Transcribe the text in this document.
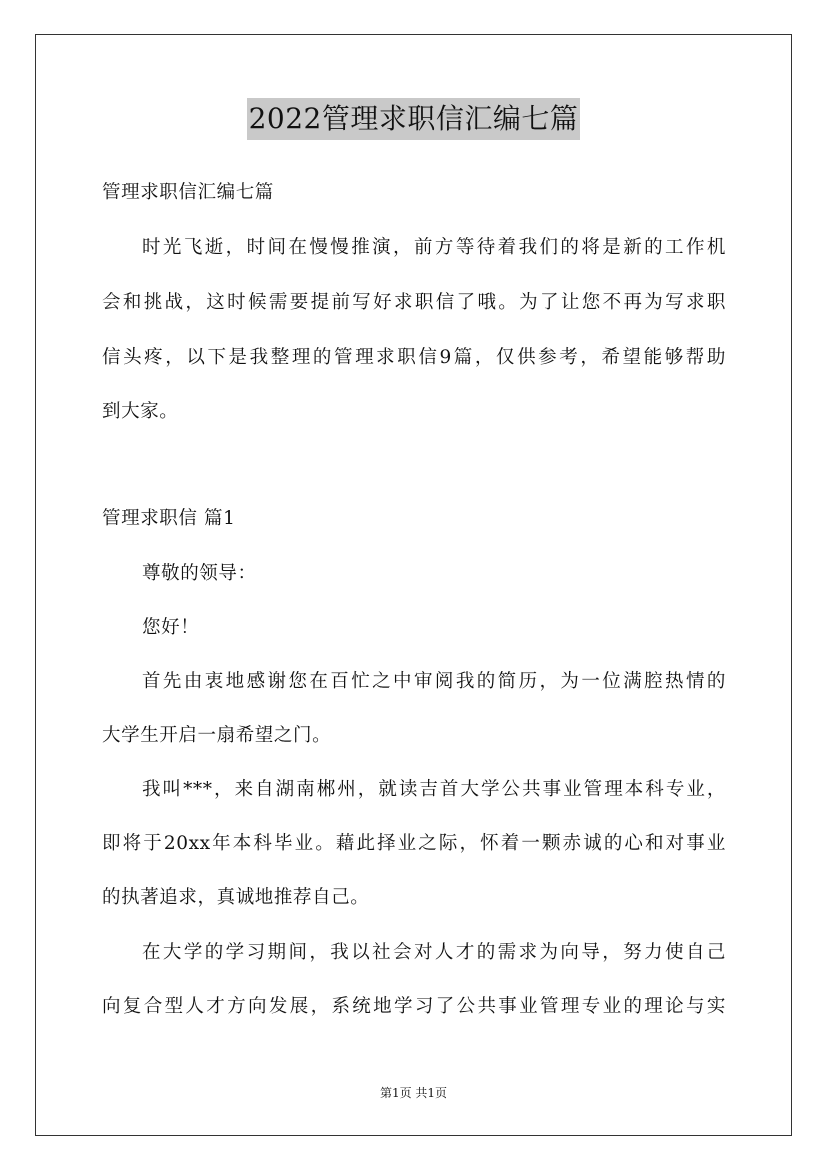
2022管理求职信汇编七篇
管理求职信汇编七篇
时光飞逝，时间在慢慢推演，前方等待着我们的将是新的工作机
会和挑战，这时候需要提前写好求职信了哦。为了让您不再为写求职
信头疼，以下是我整理的管理求职信9篇，仅供参考，希望能够帮助
到大家。
管理求职信 篇1
尊敬的领导：
您好！
首先由衷地感谢您在百忙之中审阅我的简历，为一位满腔热情的
大学生开启一扇希望之门。
我叫***，来自湖南郴州，就读吉首大学公共事业管理本科专业，
即将于20xx年本科毕业。藉此择业之际，怀着一颗赤诚的心和对事业
的执著追求，真诚地推荐自己。
在大学的学习期间，我以社会对人才的需求为向导，努力使自己
向复合型人才方向发展，系统地学习了公共事业管理专业的理论与实
第1页 共1页
